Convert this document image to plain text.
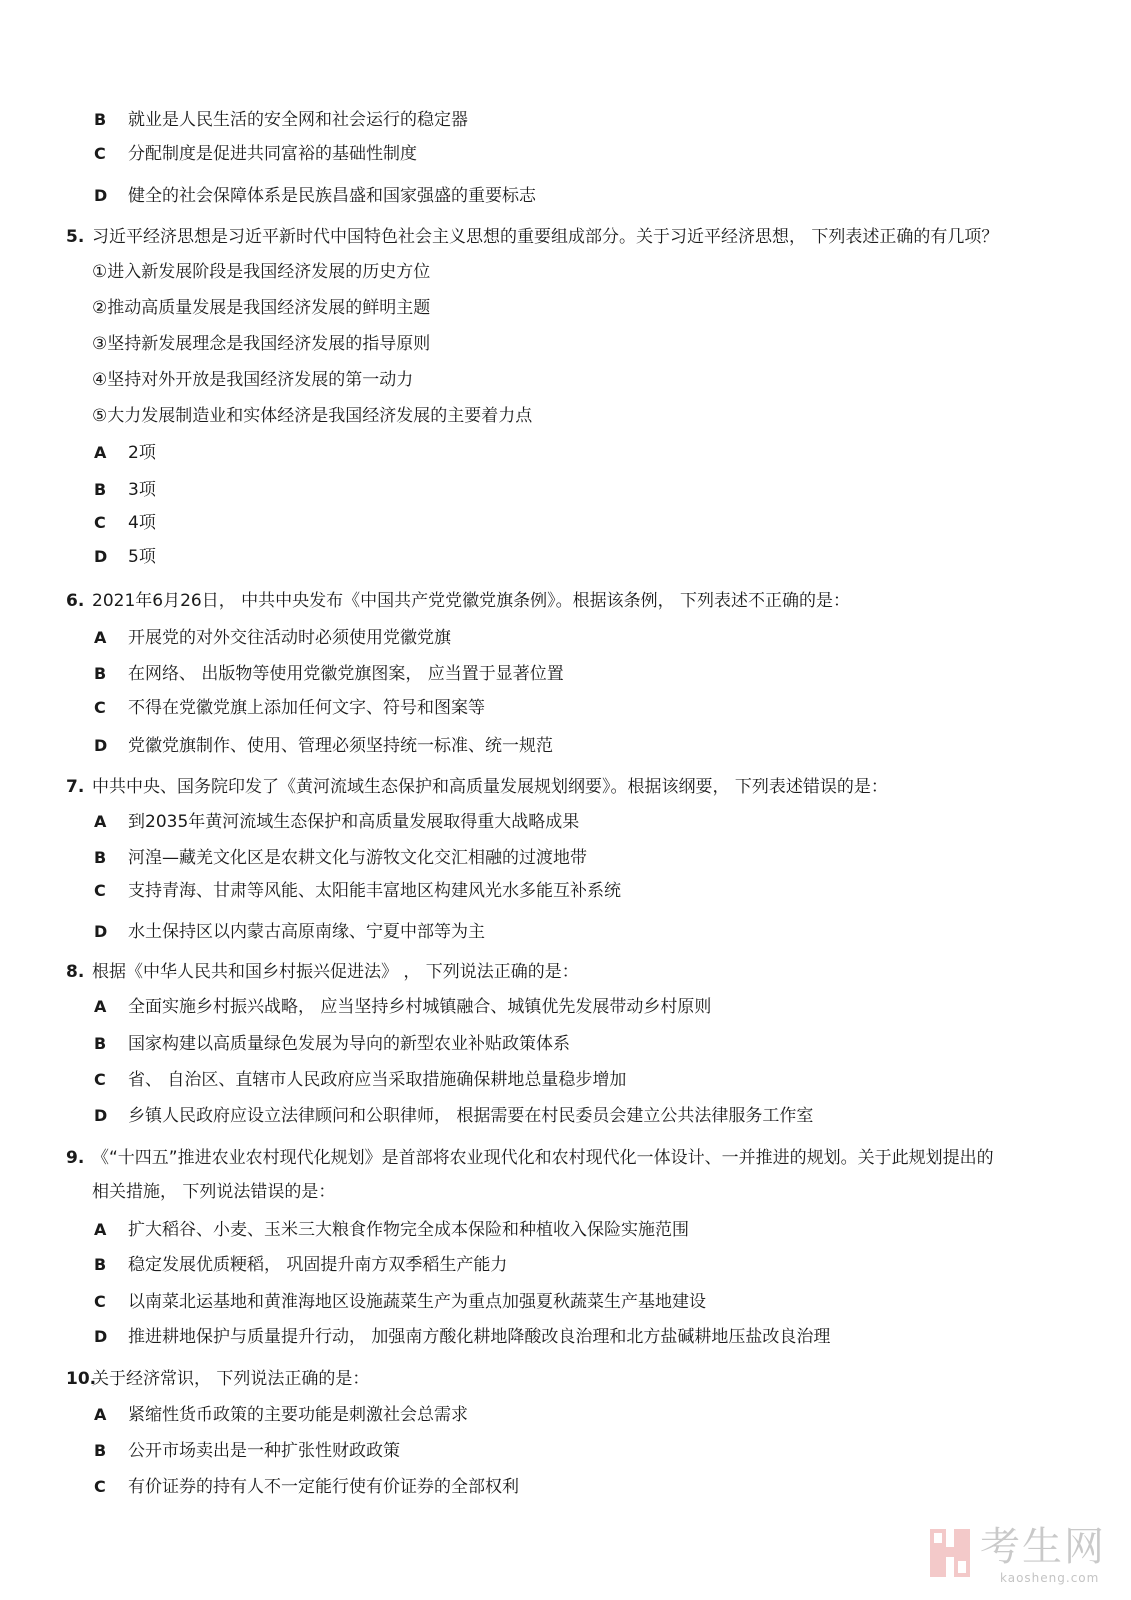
B 就业是人民生活的安全网和社会运行的稳定器
C 分配制度是促进共同富裕的基础性制度
D 健全的社会保障体系是民族昌盛和国家强盛的重要标志
5. 习近平经济思想是习近平新时代中国特色社会主义思想的重要组成部分。关于习近平经济思想， 下列表述正确的有几项？
①进入新发展阶段是我国经济发展的历史方位
②推动高质量发展是我国经济发展的鲜明主题
③坚持新发展理念是我国经济发展的指导原则
④坚持对外开放是我国经济发展的第一动力
⑤大力发展制造业和实体经济是我国经济发展的主要着力点
A 2项
B 3项
C 4项
D 5项
6. 2021年6月26日， 中共中央发布《中国共产党党徽党旗条例》。根据该条例， 下列表述不正确的是：
A 开展党的对外交往活动时必须使用党徽党旗
B 在网络、 出版物等使用党徽党旗图案， 应当置于显著位置
C 不得在党徽党旗上添加任何文字、符号和图案等
D 党徽党旗制作、使用、管理必须坚持统一标准、统一规范
7. 中共中央、国务院印发了《黄河流域生态保护和高质量发展规划纲要》。根据该纲要， 下列表述错误的是：
A 到2035年黄河流域生态保护和高质量发展取得重大战略成果
B 河湟—藏羌文化区是农耕文化与游牧文化交汇相融的过渡地带
C 支持青海、甘肃等风能、太阳能丰富地区构建风光水多能互补系统
D 水土保持区以内蒙古高原南缘、宁夏中部等为主
8. 根据《中华人民共和国乡村振兴促进法》 ， 下列说法正确的是：
A 全面实施乡村振兴战略， 应当坚持乡村城镇融合、城镇优先发展带动乡村原则
B 国家构建以高质量绿色发展为导向的新型农业补贴政策体系
C 省、 自治区、直辖市人民政府应当采取措施确保耕地总量稳步增加
D 乡镇人民政府应设立法律顾问和公职律师， 根据需要在村民委员会建立公共法律服务工作室
9. 《“十四五”推进农业农村现代化规划》是首部将农业现代化和农村现代化一体设计、一并推进的规划。关于此规划提出的
相关措施， 下列说法错误的是：
A 扩大稻谷、小麦、玉米三大粮食作物完全成本保险和种植收入保险实施范围
B 稳定发展优质粳稻， 巩固提升南方双季稻生产能力
C 以南菜北运基地和黄淮海地区设施蔬菜生产为重点加强夏秋蔬菜生产基地建设
D 推进耕地保护与质量提升行动， 加强南方酸化耕地降酸改良治理和北方盐碱耕地压盐改良治理
10.
关于经济常识， 下列说法正确的是：
A 紧缩性货币政策的主要功能是刺激社会总需求
B 公开市场卖出是一种扩张性财政政策
C 有价证券的持有人不一定能行使有价证券的全部权利
考生网
kaosheng.com
